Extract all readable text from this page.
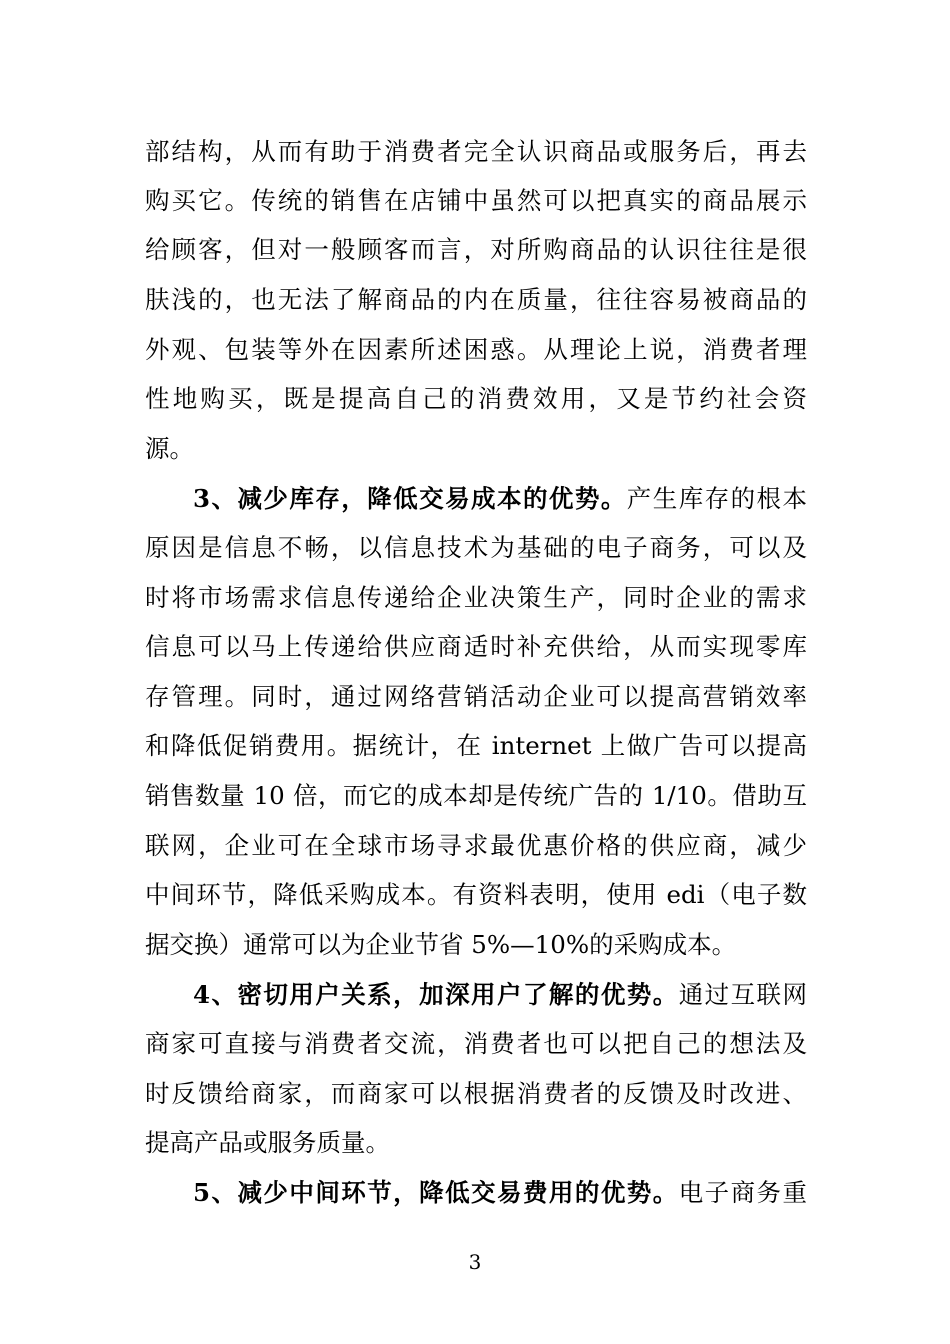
部结构，从而有助于消费者完全认识商品或服务后，再去
购买它。传统的销售在店铺中虽然可以把真实的商品展示
给顾客，但对一般顾客而言，对所购商品的认识往往是很
肤浅的，也无法了解商品的内在质量，往往容易被商品的
外观、包装等外在因素所述困惑。从理论上说，消费者理
性地购买，既是提高自己的消费效用，又是节约社会资
源。
3、减少库存，降低交易成本的优势。产生库存的根本
原因是信息不畅，以信息技术为基础的电子商务，可以及
时将市场需求信息传递给企业决策生产，同时企业的需求
信息可以马上传递给供应商适时补充供给，从而实现零库
存管理。同时，通过网络营销活动企业可以提高营销效率
和降低促销费用。据统计，在 internet 上做广告可以提高
销售数量 10 倍，而它的成本却是传统广告的 1/10。借助互
联网，企业可在全球市场寻求最优惠价格的供应商，减少
中间环节，降低采购成本。有资料表明，使用 edi（电子数
据交换）通常可以为企业节省 5%—10%的采购成本。
4、密切用户关系，加深用户了解的优势。通过互联网
商家可直接与消费者交流，消费者也可以把自己的想法及
时反馈给商家，而商家可以根据消费者的反馈及时改进、
提高产品或服务质量。
5、减少中间环节，降低交易费用的优势。电子商务重
3
